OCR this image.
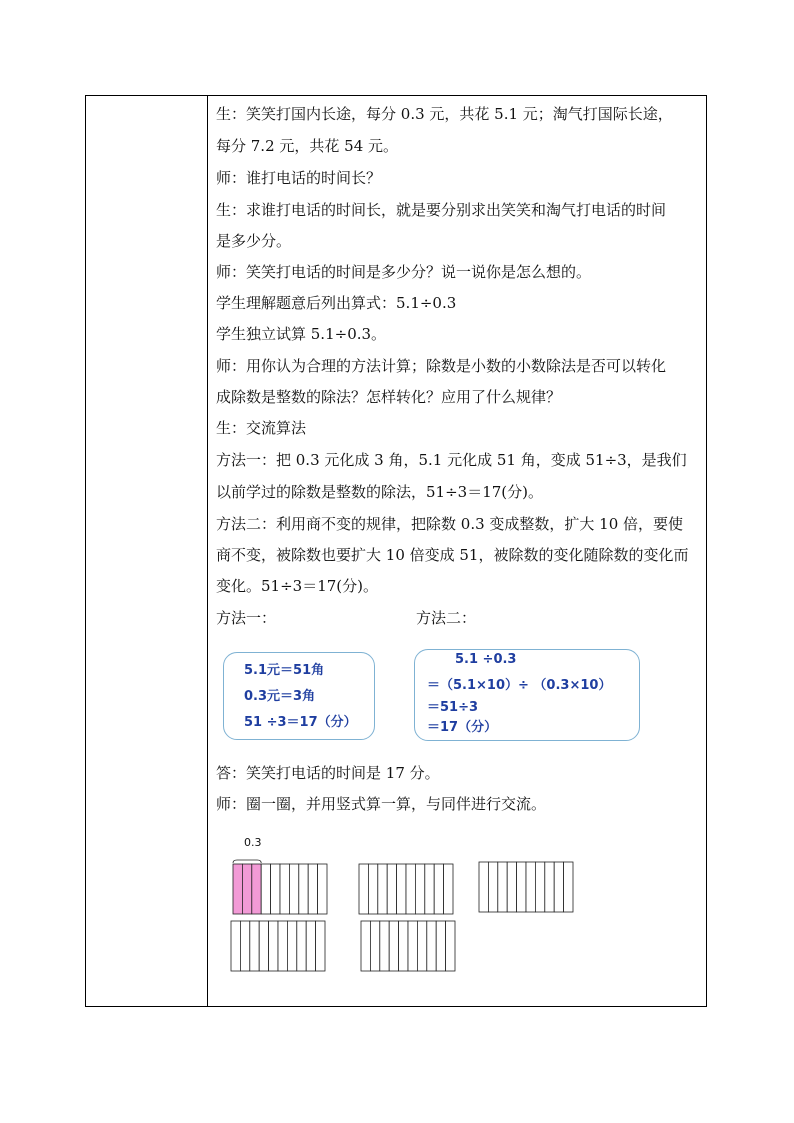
生：笑笑打国内长途，每分 0.3 元，共花 5.1 元；淘气打国际长途，
每分 7.2 元，共花 54 元。
师：谁打电话的时间长？
生：求谁打电话的时间长，就是要分别求出笑笑和淘气打电话的时间
是多少分。
师：笑笑打电话的时间是多少分？说一说你是怎么想的。
学生理解题意后列出算式：5.1÷0.3
学生独立试算 5.1÷0.3。
师：用你认为合理的方法计算；除数是小数的小数除法是否可以转化
成除数是整数的除法？怎样转化？应用了什么规律？
生：交流算法
方法一：把 0.3 元化成 3 角，5.1 元化成 51 角，变成 51÷3，是我们
以前学过的除数是整数的除法，51÷3＝17(分)。
方法二：利用商不变的规律，把除数 0.3 变成整数，扩大 10 倍，要使
商不变，被除数也要扩大 10 倍变成 51，被除数的变化随除数的变化而
变化。51÷3＝17(分)。
方法一：	方法二：
5.1元＝51角
0.3元＝3角
51 ÷3＝17（分）
5.1 ÷0.3
＝（5.1×10）÷ （0.3×10）
＝51÷3
＝17（分）
答：笑笑打电话的时间是 17 分。
师：圈一圈，并用竖式算一算，与同伴进行交流。
0.3
